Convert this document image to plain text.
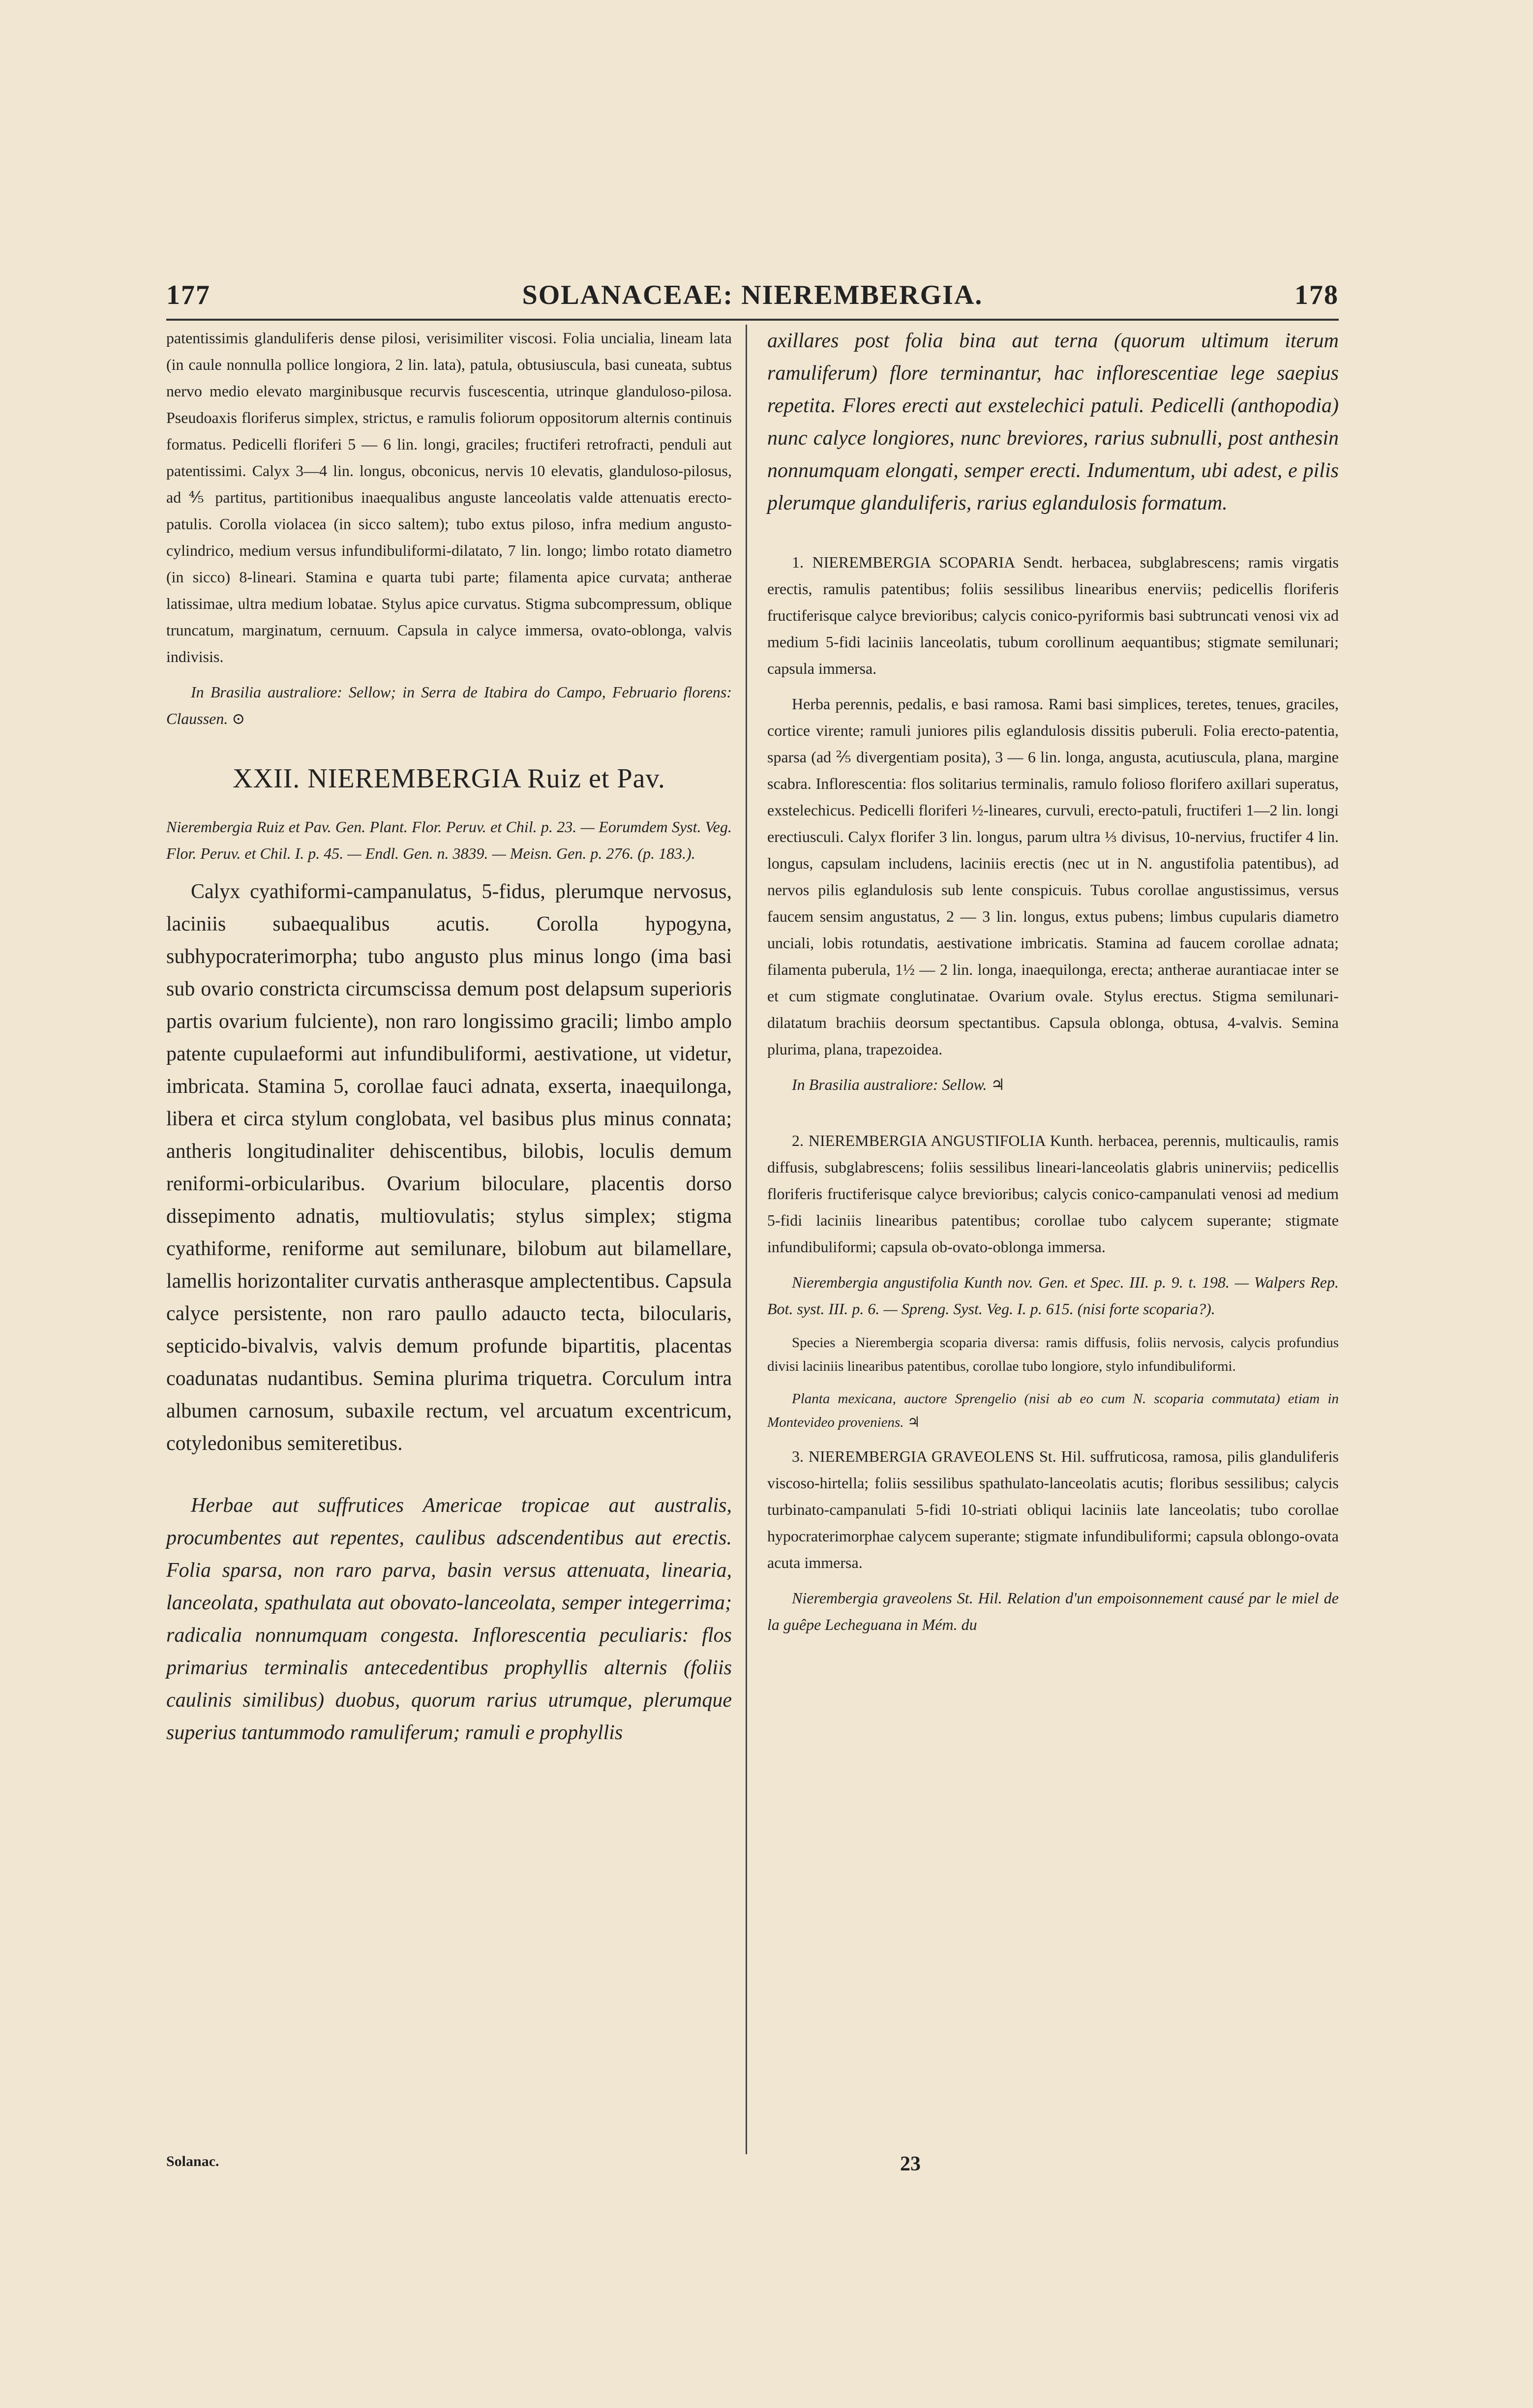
177	SOLANACEAE: NIEREMBERGIA.	178

patentissimis glanduliferis dense pilosi, verisimiliter viscosi. Folia uncialia, lineam lata (in caule nonnulla pollice longiora, 2 lin. lata), patula, obtusiuscula, basi cuneata, subtus nervo medio elevato marginibusque recurvis fuscescentia, utrinque glanduloso-pilosa. Pseudoaxis floriferus simplex, strictus, e ramulis foliorum oppositorum alternis continuis formatus. Pedicelli floriferi 5 — 6 lin. longi, graciles; fructiferi retrofracti, penduli aut patentissimi. Calyx 3—4 lin. longus, obconicus, nervis 10 elevatis, glanduloso-pilosus, ad ⅘ partitus, partitionibus inaequalibus anguste lanceolatis valde attenuatis erecto-patulis. Corolla violacea (in sicco saltem); tubo extus piloso, infra medium angusto-cylindrico, medium versus infundibuliformi-dilatato, 7 lin. longo; limbo rotato diametro (in sicco) 8-lineari. Stamina e quarta tubi parte; filamenta apice curvata; antherae latissimae, ultra medium lobatae. Stylus apice curvatus. Stigma subcompressum, oblique truncatum, marginatum, cernuum. Capsula in calyce immersa, ovato-oblonga, valvis indivisis.

In Brasilia australiore: Sellow; in Serra de Itabira do Campo, Februario florens: Claussen. ⊙

XXII. NIEREMBERGIA Ruiz et Pav.

Nierembergia Ruiz et Pav. Gen. Plant. Flor. Peruv. et Chil. p. 23. — Eorumdem Syst. Veg. Flor. Peruv. et Chil. I. p. 45. — Endl. Gen. n. 3839. — Meisn. Gen. p. 276. (p. 183.).

Calyx cyathiformi-campanulatus, 5-fidus, plerumque nervosus, laciniis subaequalibus acutis. Corolla hypogyna, subhypocraterimorpha; tubo angusto plus minus longo (ima basi sub ovario constricta circumscissa demum post delapsum superioris partis ovarium fulciente), non raro longissimo gracili; limbo amplo patente cupulaeformi aut infundibuliformi, aestivatione, ut videtur, imbricata. Stamina 5, corollae fauci adnata, exserta, inaequilonga, libera et circa stylum conglobata, vel basibus plus minus connata; antheris longitudinaliter dehiscentibus, bilobis, loculis demum reniformi-orbicularibus. Ovarium biloculare, placentis dorso dissepimento adnatis, multiovulatis; stylus simplex; stigma cyathiforme, reniforme aut semilunare, bilobum aut bilamellare, lamellis horizontaliter curvatis antherasque amplectentibus. Capsula calyce persistente, non raro paullo adaucto tecta, bilocularis, septicido-bivalvis, valvis demum profunde bipartitis, placentas coadunatas nudantibus. Semina plurima triquetra. Corculum intra albumen carnosum, subaxile rectum, vel arcuatum excentricum, cotyledonibus semiteretibus.

Herbae aut suffrutices Americae tropicae aut australis, procumbentes aut repentes, caulibus adscendentibus aut erectis. Folia sparsa, non raro parva, basin versus attenuata, linearia, lanceolata, spathulata aut obovato-lanceolata, semper integerrima; radicalia nonnumquam congesta. Inflorescentia peculiaris: flos primarius terminalis antecedentibus prophyllis alternis (foliis caulinis similibus) duobus, quorum rarius utrumque, plerumque superius tantummodo ramuliferum; ramuli e prophyllis

axillares post folia bina aut terna (quorum ultimum iterum ramuliferum) flore terminantur, hac inflorescentiae lege saepius repetita. Flores erecti aut exstelechici patuli. Pedicelli (anthopodia) nunc calyce longiores, nunc breviores, rarius subnulli, post anthesin nonnumquam elongati, semper erecti. Indumentum, ubi adest, e pilis plerumque glanduliferis, rarius eglandulosis formatum.

1. NIEREMBERGIA SCOPARIA Sendt. herbacea, subglabrescens; ramis virgatis erectis, ramulis patentibus; foliis sessilibus linearibus enerviis; pedicellis floriferis fructiferisque calyce brevioribus; calycis conico-pyriformis basi subtruncati venosi vix ad medium 5-fidi laciniis lanceolatis, tubum corollinum aequantibus; stigmate semilunari; capsula immersa.

Herba perennis, pedalis, e basi ramosa. Rami basi simplices, teretes, tenues, graciles, cortice virente; ramuli juniores pilis eglandulosis dissitis puberuli. Folia erecto-patentia, sparsa (ad ⅖ divergentiam posita), 3 — 6 lin. longa, angusta, acutiuscula, plana, margine scabra. Inflorescentia: flos solitarius terminalis, ramulo folioso florifero axillari superatus, exstelechicus. Pedicelli floriferi ½-lineares, curvuli, erecto-patuli, fructiferi 1—2 lin. longi erectiusculi. Calyx florifer 3 lin. longus, parum ultra ⅓ divisus, 10-nervius, fructifer 4 lin. longus, capsulam includens, laciniis erectis (nec ut in N. angustifolia patentibus), ad nervos pilis eglandulosis sub lente conspicuis. Tubus corollae angustissimus, versus faucem sensim angustatus, 2 — 3 lin. longus, extus pubens; limbus cupularis diametro unciali, lobis rotundatis, aestivatione imbricatis. Stamina ad faucem corollae adnata; filamenta puberula, 1½ — 2 lin. longa, inaequilonga, erecta; antherae aurantiacae inter se et cum stigmate conglutinatae. Ovarium ovale. Stylus erectus. Stigma semilunari-dilatatum brachiis deorsum spectantibus. Capsula oblonga, obtusa, 4-valvis. Semina plurima, plana, trapezoidea.

In Brasilia australiore: Sellow. ♃

2. NIEREMBERGIA ANGUSTIFOLIA Kunth. herbacea, perennis, multicaulis, ramis diffusis, subglabrescens; foliis sessilibus lineari-lanceolatis glabris uninerviis; pedicellis floriferis fructiferisque calyce brevioribus; calycis conico-campanulati venosi ad medium 5-fidi laciniis linearibus patentibus; corollae tubo calycem superante; stigmate infundibuliformi; capsula ob-ovato-oblonga immersa.

Nierembergia angustifolia Kunth nov. Gen. et Spec. III. p. 9. t. 198. — Walpers Rep. Bot. syst. III. p. 6. — Spreng. Syst. Veg. I. p. 615. (nisi forte scoparia?).

Species a Nierembergia scoparia diversa: ramis diffusis, foliis nervosis, calycis profundius divisi laciniis linearibus patentibus, corollae tubo longiore, stylo infundibuliformi.

Planta mexicana, auctore Sprengelio (nisi ab eo cum N. scoparia commutata) etiam in Montevideo proveniens. ♃

3. NIEREMBERGIA GRAVEOLENS St. Hil. suffruticosa, ramosa, pilis glanduliferis viscoso-hirtella; foliis sessilibus spathulato-lanceolatis acutis; floribus sessilibus; calycis turbinato-campanulati 5-fidi 10-striati obliqui laciniis late lanceolatis; tubo corollae hypocraterimorphae calycem superante; stigmate infundibuliformi; capsula oblongo-ovata acuta immersa.

Nierembergia graveolens St. Hil. Relation d'un empoisonnement causé par le miel de la guêpe Lecheguana in Mém. du

Solanac.	23
